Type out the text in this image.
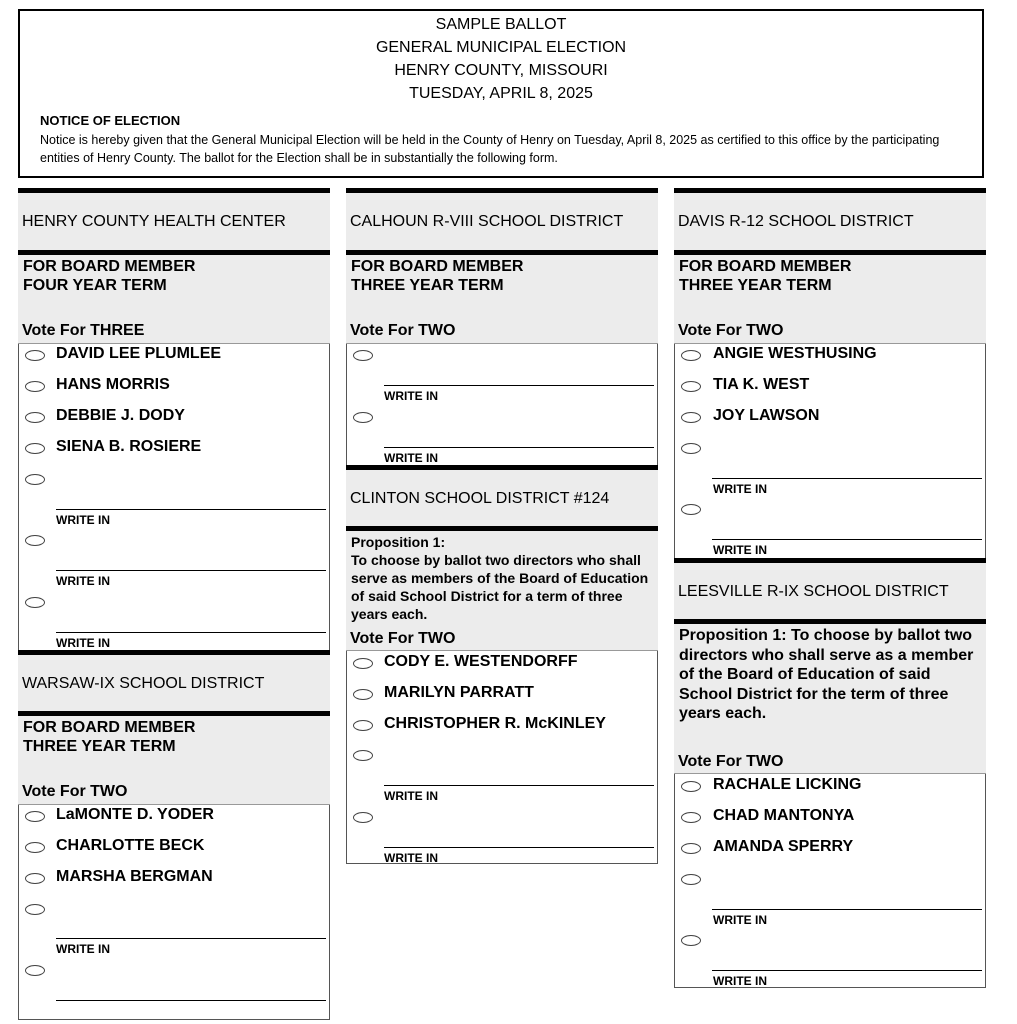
SAMPLE BALLOT
GENERAL MUNICIPAL ELECTION
HENRY COUNTY, MISSOURI
TUESDAY, APRIL 8, 2025
NOTICE OF ELECTION
Notice is hereby given that the General Municipal Election will be held in the County of Henry on Tuesday, April 8, 2025 as certified to this office by the participating entities of Henry County. The ballot for the Election shall be in substantially the following form.
HENRY COUNTY HEALTH CENTER
FOR BOARD MEMBER
FOUR YEAR TERM
Vote For THREE
DAVID LEE PLUMLEE
HANS MORRIS
DEBBIE J. DODY
SIENA B. ROSIERE
WRITE IN
WRITE IN
WRITE IN
WARSAW-IX SCHOOL DISTRICT
FOR BOARD MEMBER
THREE YEAR TERM
Vote For TWO
LaMONTE D. YODER
CHARLOTTE BECK
MARSHA BERGMAN
WRITE IN
CALHOUN R-VIII SCHOOL DISTRICT
FOR BOARD MEMBER
THREE YEAR TERM
Vote For TWO
WRITE IN
WRITE IN
CLINTON SCHOOL DISTRICT #124
Proposition 1:
To choose by ballot two directors who shall serve as members of the Board of Education of said School District for a term of three years each.
Vote For TWO
CODY E. WESTENDORFF
MARILYN PARRATT
CHRISTOPHER R. McKINLEY
WRITE IN
WRITE IN
DAVIS R-12 SCHOOL DISTRICT
FOR BOARD MEMBER
THREE YEAR TERM
Vote For TWO
ANGIE WESTHUSING
TIA K. WEST
JOY LAWSON
WRITE IN
WRITE IN
LEESVILLE R-IX SCHOOL DISTRICT
Proposition 1: To choose by ballot two directors who shall serve as a member of the Board of Education of said School District for the term of three years each.
Vote For TWO
RACHALE LICKING
CHAD MANTONYA
AMANDA SPERRY
WRITE IN
WRITE IN
